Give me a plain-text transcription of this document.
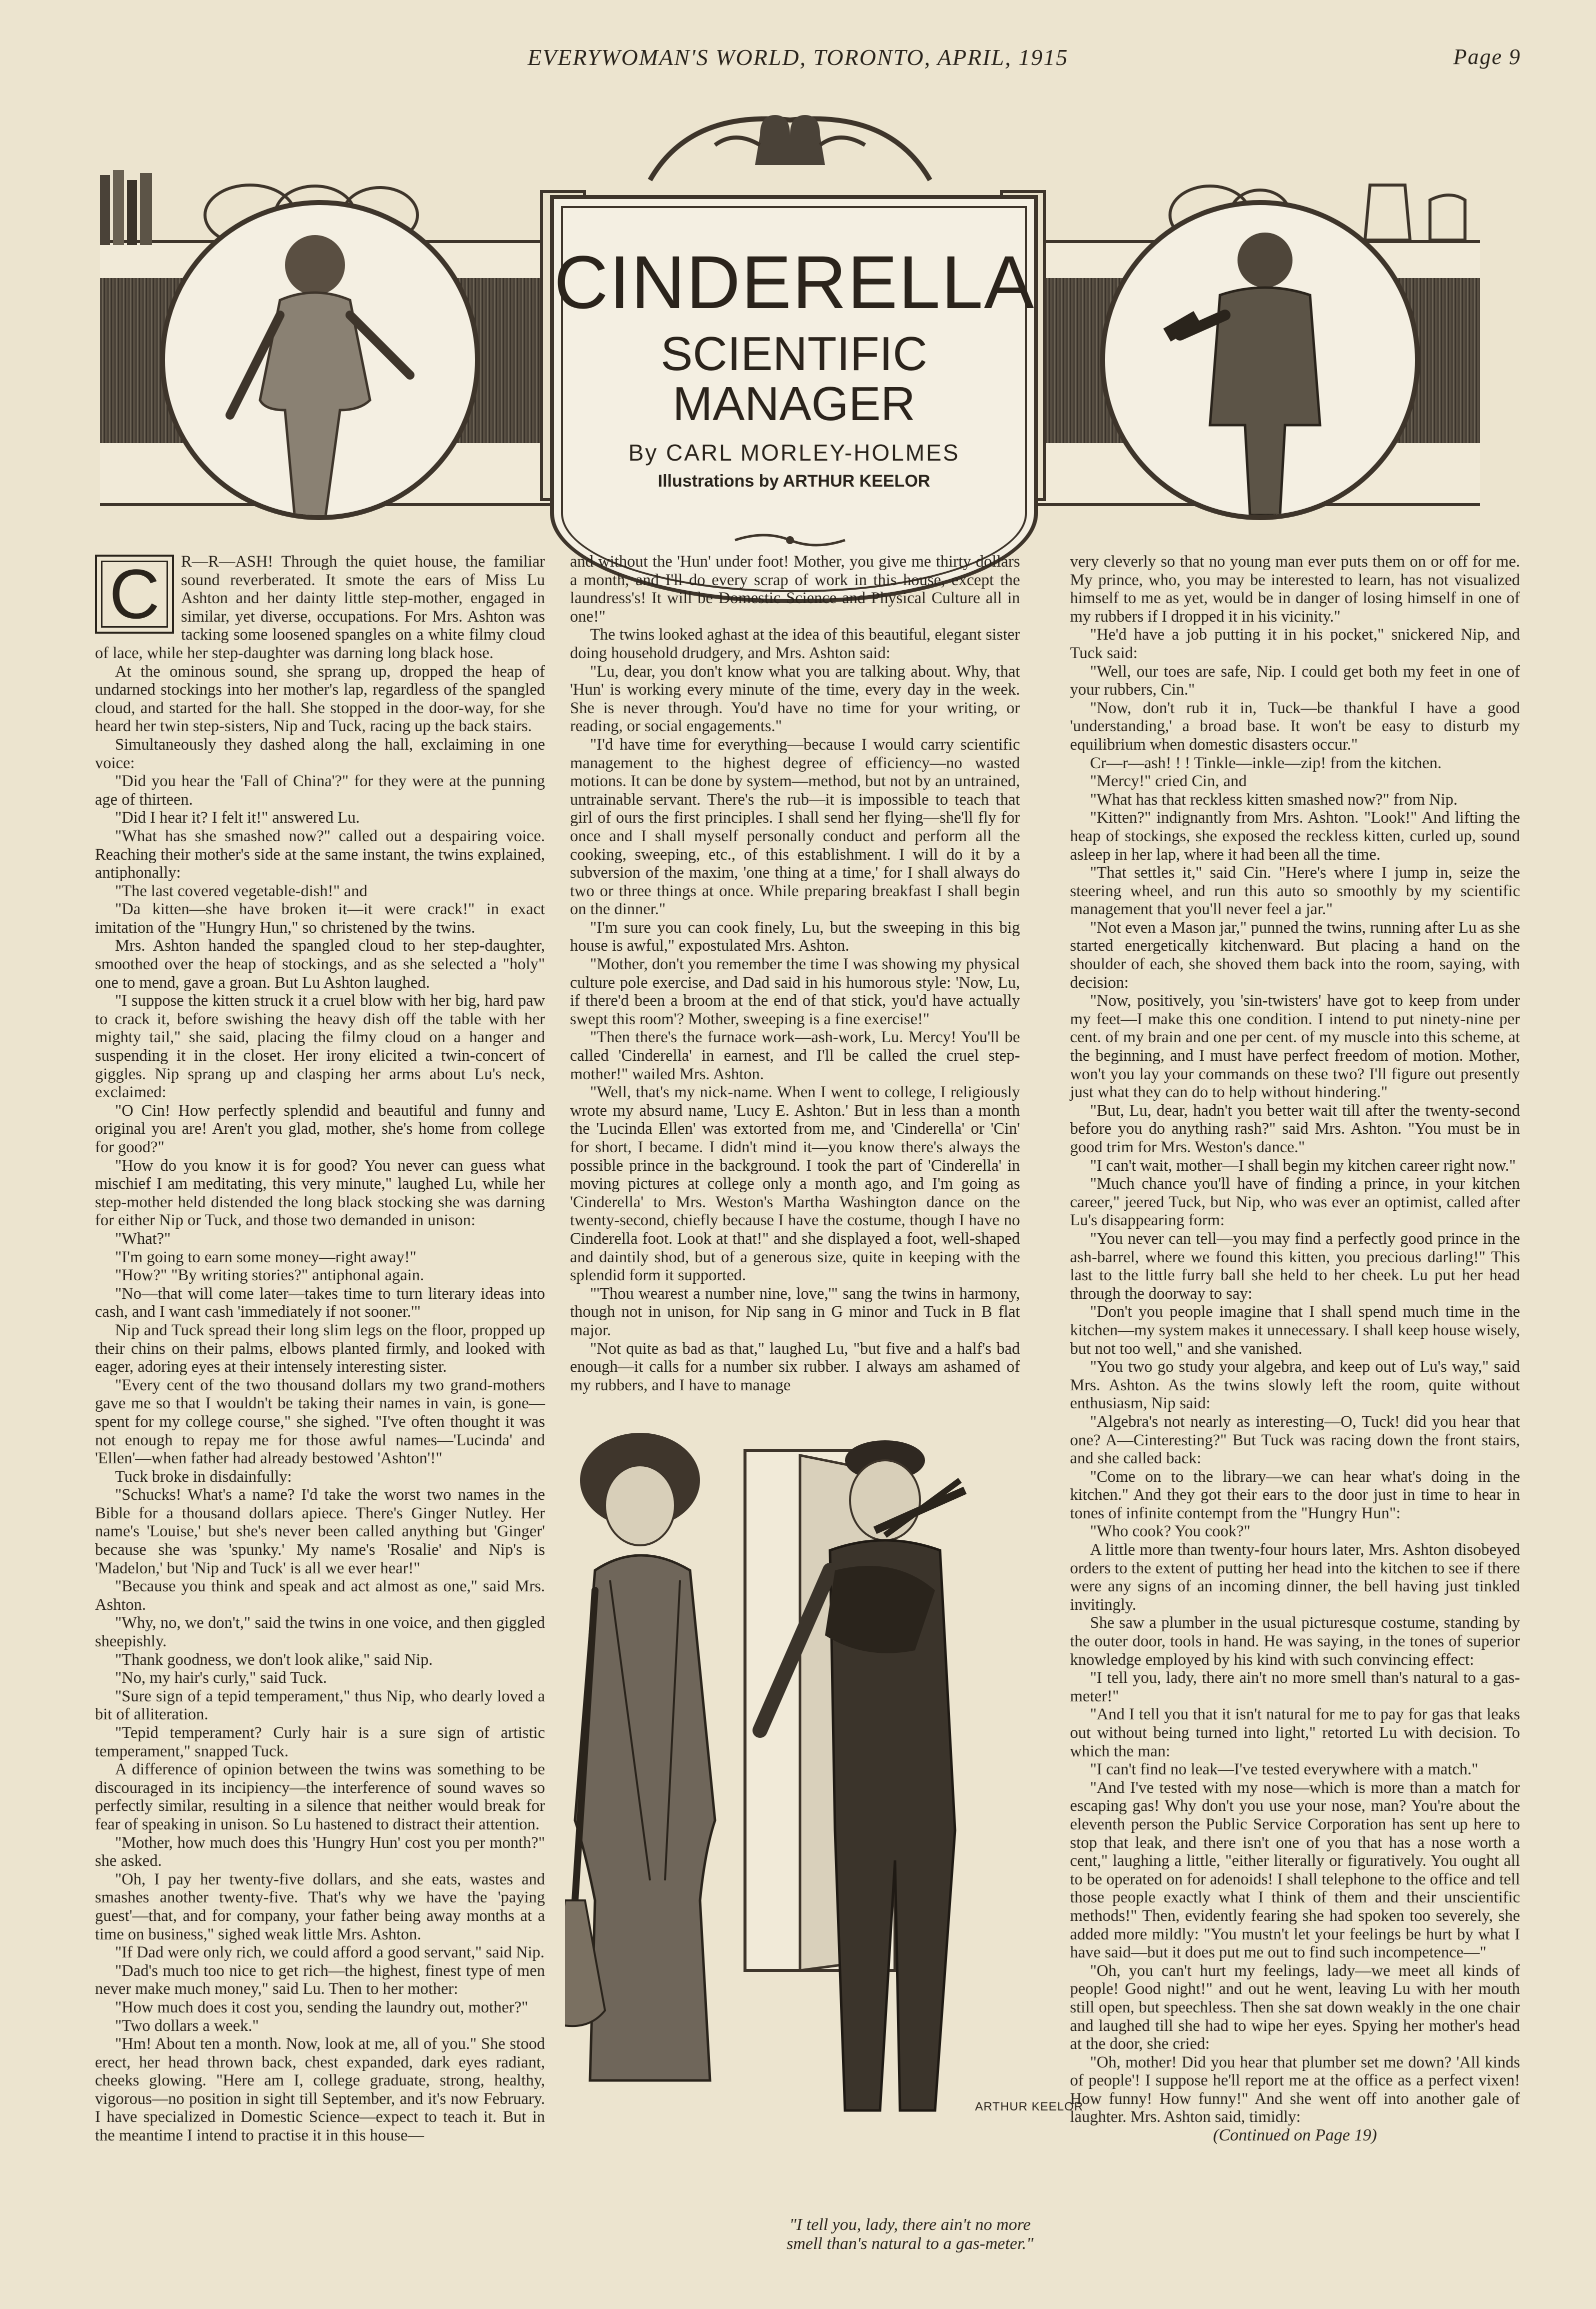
EVERYWOMAN'S WORLD, TORONTO, APRIL, 1915	Page 9
CINDERELLA
SCIENTIFIC
MANAGER
By CARL MORLEY-HOLMES
Illustrations by ARTHUR KEELOR
C	R—R—ASH! Through the quiet house, the familiar sound reverberated. It smote the ears of Miss Lu Ashton and her dainty little step-mother, engaged in similar, yet diverse, occupations. For Mrs. Ashton was tacking some loosened spangles on a white filmy cloud of lace, while her step-daughter was darning long black hose.

At the ominous sound, she sprang up, dropped the heap of undarned stockings into her mother's lap, regardless of the spangled cloud, and started for the hall. She stopped in the door-way, for she heard her twin step-sisters, Nip and Tuck, racing up the back stairs.

Simultaneously they dashed along the hall, exclaiming in one voice:

"Did you hear the 'Fall of China'?" for they were at the punning age of thirteen.

"Did I hear it? I felt it!" answered Lu.

"What has she smashed now?" called out a despairing voice. Reaching their mother's side at the same instant, the twins explained, antiphonally:

"The last covered vegetable-dish!" and

"Da kitten—she have broken it—it were crack!" in exact imitation of the "Hungry Hun," so christened by the twins.

Mrs. Ashton handed the spangled cloud to her step-daughter, smoothed over the heap of stockings, and as she selected a "holy" one to mend, gave a groan. But Lu Ashton laughed.

"I suppose the kitten struck it a cruel blow with her big, hard paw to crack it, before swishing the heavy dish off the table with her mighty tail," she said, placing the filmy cloud on a hanger and suspending it in the closet. Her irony elicited a twin-concert of giggles. Nip sprang up and clasping her arms about Lu's neck, exclaimed:

"O Cin! How perfectly splendid and beautiful and funny and original you are! Aren't you glad, mother, she's home from college for good?"

"How do you know it is for good? You never can guess what mischief I am meditating, this very minute," laughed Lu, while her step-mother held distended the long black stocking she was darning for either Nip or Tuck, and those two demanded in unison:

"What?"

"I'm going to earn some money—right away!"

"How?" "By writing stories?" antiphonal again.

"No—that will come later—takes time to turn literary ideas into cash, and I want cash 'immediately if not sooner.'"

Nip and Tuck spread their long slim legs on the floor, propped up their chins on their palms, elbows planted firmly, and looked with eager, adoring eyes at their intensely interesting sister.

"Every cent of the two thousand dollars my two grand-mothers gave me so that I wouldn't be taking their names in vain, is gone—spent for my college course," she sighed. "I've often thought it was not enough to repay me for those awful names—'Lucinda' and 'Ellen'—when father had already bestowed 'Ashton'!"

Tuck broke in disdainfully:

"Schucks! What's a name? I'd take the worst two names in the Bible for a thousand dollars apiece. There's Ginger Nutley. Her name's 'Louise,' but she's never been called anything but 'Ginger' because she was 'spunky.' My name's 'Rosalie' and Nip's is 'Madelon,' but 'Nip and Tuck' is all we ever hear!"

"Because you think and speak and act almost as one," said Mrs. Ashton.

"Why, no, we don't," said the twins in one voice, and then giggled sheepishly.

"Thank goodness, we don't look alike," said Nip.

"No, my hair's curly," said Tuck.

"Sure sign of a tepid temperament," thus Nip, who dearly loved a bit of alliteration.

"Tepid temperament? Curly hair is a sure sign of artistic temperament," snapped Tuck.

A difference of opinion between the twins was something to be discouraged in its incipiency—the interference of sound waves so perfectly similar, resulting in a silence that neither would break for fear of speaking in unison. So Lu hastened to distract their attention.

"Mother, how much does this 'Hungry Hun' cost you per month?" she asked.

"Oh, I pay her twenty-five dollars, and she eats, wastes and smashes another twenty-five. That's why we have the 'paying guest'—that, and for company, your father being away months at a time on business," sighed weak little Mrs. Ashton.

"If Dad were only rich, we could afford a good servant," said Nip.

"Dad's much too nice to get rich—the highest, finest type of men never make much money," said Lu. Then to her mother:

"How much does it cost you, sending the laundry out, mother?"

"Two dollars a week."

"Hm! About ten a month. Now, look at me, all of you." She stood erect, her head thrown back, chest expanded, dark eyes radiant, cheeks glowing. "Here am I, college graduate, strong, healthy, vigorous—no position in sight till September, and it's now February. I have specialized in Domestic Science—expect to teach it. But in the meantime I intend to practise it in this house—

and without the 'Hun' under foot! Mother, you give me thirty dollars a month, and I'll do every scrap of work in this house, except the laundress's! It will be Domestic Science and Physical Culture all in one!"

The twins looked aghast at the idea of this beautiful, elegant sister doing household drudgery, and Mrs. Ashton said:

"Lu, dear, you don't know what you are talking about. Why, that 'Hun' is working every minute of the time, every day in the week. She is never through. You'd have no time for your writing, or reading, or social engagements."

"I'd have time for everything—because I would carry scientific management to the highest degree of efficiency—no wasted motions. It can be done by system—method, but not by an untrained, untrainable servant. There's the rub—it is impossible to teach that girl of ours the first principles. I shall send her flying—she'll fly for once and I shall myself personally conduct and perform all the cooking, sweeping, etc., of this establishment. I will do it by a subversion of the maxim, 'one thing at a time,' for I shall always do two or three things at once. While preparing breakfast I shall begin on the dinner."

"I'm sure you can cook finely, Lu, but the sweeping in this big house is awful," expostulated Mrs. Ashton.

"Mother, don't you remember the time I was showing my physical culture pole exercise, and Dad said in his humorous style: 'Now, Lu, if there'd been a broom at the end of that stick, you'd have actually swept this room'? Mother, sweeping is a fine exercise!"

"Then there's the furnace work—ash-work, Lu. Mercy! You'll be called 'Cinderella' in earnest, and I'll be called the cruel step-mother!" wailed Mrs. Ashton.

"Well, that's my nick-name. When I went to college, I religiously wrote my absurd name, 'Lucy E. Ashton.' But in less than a month the 'Lucinda Ellen' was extorted from me, and 'Cinderella' or 'Cin' for short, I became. I didn't mind it—you know there's always the possible prince in the background. I took the part of 'Cinderella' in moving pictures at college only a month ago, and I'm going as 'Cinderella' to Mrs. Weston's Martha Washington dance on the twenty-second, chiefly because I have the costume, though I have no Cinderella foot. Look at that!" and she displayed a foot, well-shaped and daintily shod, but of a generous size, quite in keeping with the splendid form it supported.

"'Thou wearest a number nine, love,'" sang the twins in harmony, though not in unison, for Nip sang in G minor and Tuck in B flat major.

"Not quite as bad as that," laughed Lu, "but five and a half's bad enough—it calls for a number six rubber. I always am ashamed of my rubbers, and I have to manage

ARTHUR KEELOR
"I tell you, lady, there ain't no more smell than's natural to a gas-meter."

very cleverly so that no young man ever puts them on or off for me. My prince, who, you may be interested to learn, has not visualized himself to me as yet, would be in danger of losing himself in one of my rubbers if I dropped it in his vicinity."

"He'd have a job putting it in his pocket," snickered Nip, and Tuck said:

"Well, our toes are safe, Nip. I could get both my feet in one of your rubbers, Cin."

"Now, don't rub it in, Tuck—be thankful I have a good 'understanding,' a broad base. It won't be easy to disturb my equilibrium when domestic disasters occur."

Cr—r—ash! ! ! Tinkle—inkle—zip! from the kitchen.

"Mercy!" cried Cin, and

"What has that reckless kitten smashed now?" from Nip.

"Kitten?" indignantly from Mrs. Ashton. "Look!" And lifting the heap of stockings, she exposed the reckless kitten, curled up, sound asleep in her lap, where it had been all the time.

"That settles it," said Cin. "Here's where I jump in, seize the steering wheel, and run this auto so smoothly by my scientific management that you'll never feel a jar."

"Not even a Mason jar," punned the twins, running after Lu as she started energetically kitchenward. But placing a hand on the shoulder of each, she shoved them back into the room, saying, with decision:

"Now, positively, you 'sin-twisters' have got to keep from under my feet—I make this one condition. I intend to put ninety-nine per cent. of my brain and one per cent. of my muscle into this scheme, at the beginning, and I must have perfect freedom of motion. Mother, won't you lay your commands on these two? I'll figure out presently just what they can do to help without hindering."

"But, Lu, dear, hadn't you better wait till after the twenty-second before you do anything rash?" said Mrs. Ashton. "You must be in good trim for Mrs. Weston's dance."

"I can't wait, mother—I shall begin my kitchen career right now."

"Much chance you'll have of finding a prince, in your kitchen career," jeered Tuck, but Nip, who was ever an optimist, called after Lu's disappearing form:

"You never can tell—you may find a perfectly good prince in the ash-barrel, where we found this kitten, you precious darling!" This last to the little furry ball she held to her cheek. Lu put her head through the doorway to say:

"Don't you people imagine that I shall spend much time in the kitchen—my system makes it unnecessary. I shall keep house wisely, but not too well," and she vanished.

"You two go study your algebra, and keep out of Lu's way," said Mrs. Ashton. As the twins slowly left the room, quite without enthusiasm, Nip said:

"Algebra's not nearly as interesting—O, Tuck! did you hear that one? A—Cinteresting?" But Tuck was racing down the front stairs, and she called back:

"Come on to the library—we can hear what's doing in the kitchen." And they got their ears to the door just in time to hear in tones of infinite contempt from the "Hungry Hun":

"Who cook? You cook?"

A little more than twenty-four hours later, Mrs. Ashton disobeyed orders to the extent of putting her head into the kitchen to see if there were any signs of an incoming dinner, the bell having just tinkled invitingly.

She saw a plumber in the usual picturesque costume, standing by the outer door, tools in hand. He was saying, in the tones of superior knowledge employed by his kind with such convincing effect:

"I tell you, lady, there ain't no more smell than's natural to a gas-meter!"

"And I tell you that it isn't natural for me to pay for gas that leaks out without being turned into light," retorted Lu with decision. To which the man:

"I can't find no leak—I've tested everywhere with a match."

"And I've tested with my nose—which is more than a match for escaping gas! Why don't you use your nose, man? You're about the eleventh person the Public Service Corporation has sent up here to stop that leak, and there isn't one of you that has a nose worth a cent," laughing a little, "either literally or figuratively. You ought all to be operated on for adenoids! I shall telephone to the office and tell those people exactly what I think of them and their unscientific methods!" Then, evidently fearing she had spoken too severely, she added more mildly: "You mustn't let your feelings be hurt by what I have said—but it does put me out to find such incompetence—"

"Oh, you can't hurt my feelings, lady—we meet all kinds of people! Good night!" and out he went, leaving Lu with her mouth still open, but speechless. Then she sat down weakly in the one chair and laughed till she had to wipe her eyes. Spying her mother's head at the door, she cried:

"Oh, mother! Did you hear that plumber set me down? 'All kinds of people'! I suppose he'll report me at the office as a perfect vixen! How funny! How funny!" And she went off into another gale of laughter. Mrs. Ashton said, timidly:

(Continued on Page 19)
